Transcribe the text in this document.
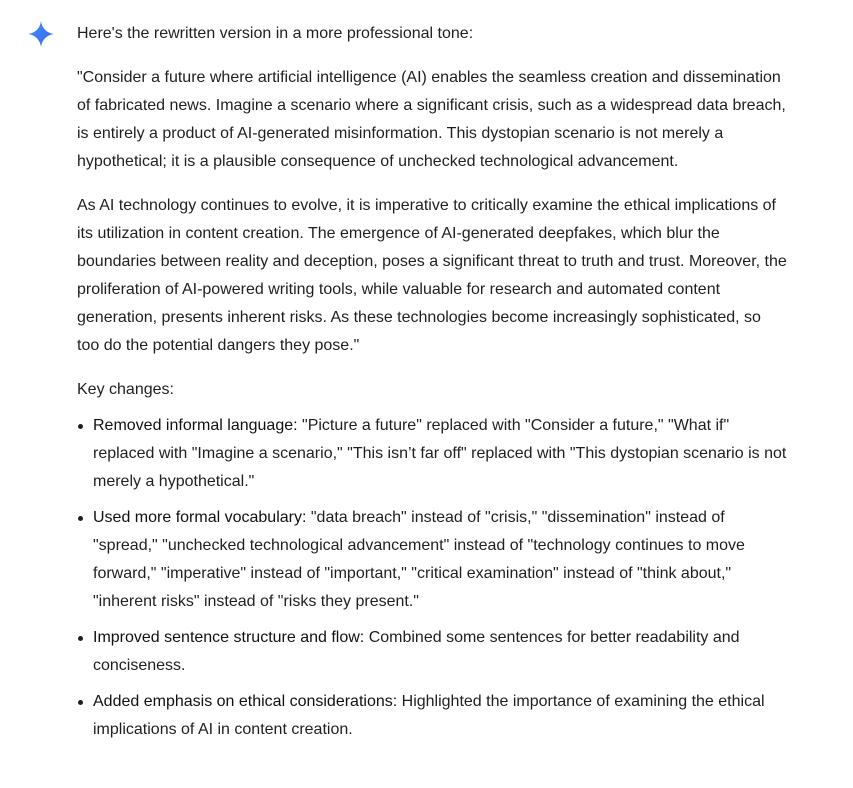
Here's the rewritten version in a more professional tone:

"Consider a future where artificial intelligence (AI) enables the seamless creation and dissemination of fabricated news. Imagine a scenario where a significant crisis, such as a widespread data breach, is entirely a product of AI-generated misinformation. This dystopian scenario is not merely a hypothetical; it is a plausible consequence of unchecked technological advancement.

As AI technology continues to evolve, it is imperative to critically examine the ethical implications of its utilization in content creation. The emergence of AI-generated deepfakes, which blur the boundaries between reality and deception, poses a significant threat to truth and trust. Moreover, the proliferation of AI-powered writing tools, while valuable for research and automated content generation, presents inherent risks. As these technologies become increasingly sophisticated, so too do the potential dangers they pose."

Key changes:

Removed informal language: "Picture a future" replaced with "Consider a future," "What if" replaced with "Imagine a scenario," "This isn’t far off" replaced with "This dystopian scenario is not merely a hypothetical."
Used more formal vocabulary: "data breach" instead of "crisis," "dissemination" instead of "spread," "unchecked technological advancement" instead of "technology continues to move forward," "imperative" instead of "important," "critical examination" instead of "think about," "inherent risks" instead of "risks they present."
Improved sentence structure and flow: Combined some sentences for better readability and conciseness.
Added emphasis on ethical considerations: Highlighted the importance of examining the ethical implications of AI in content creation.
